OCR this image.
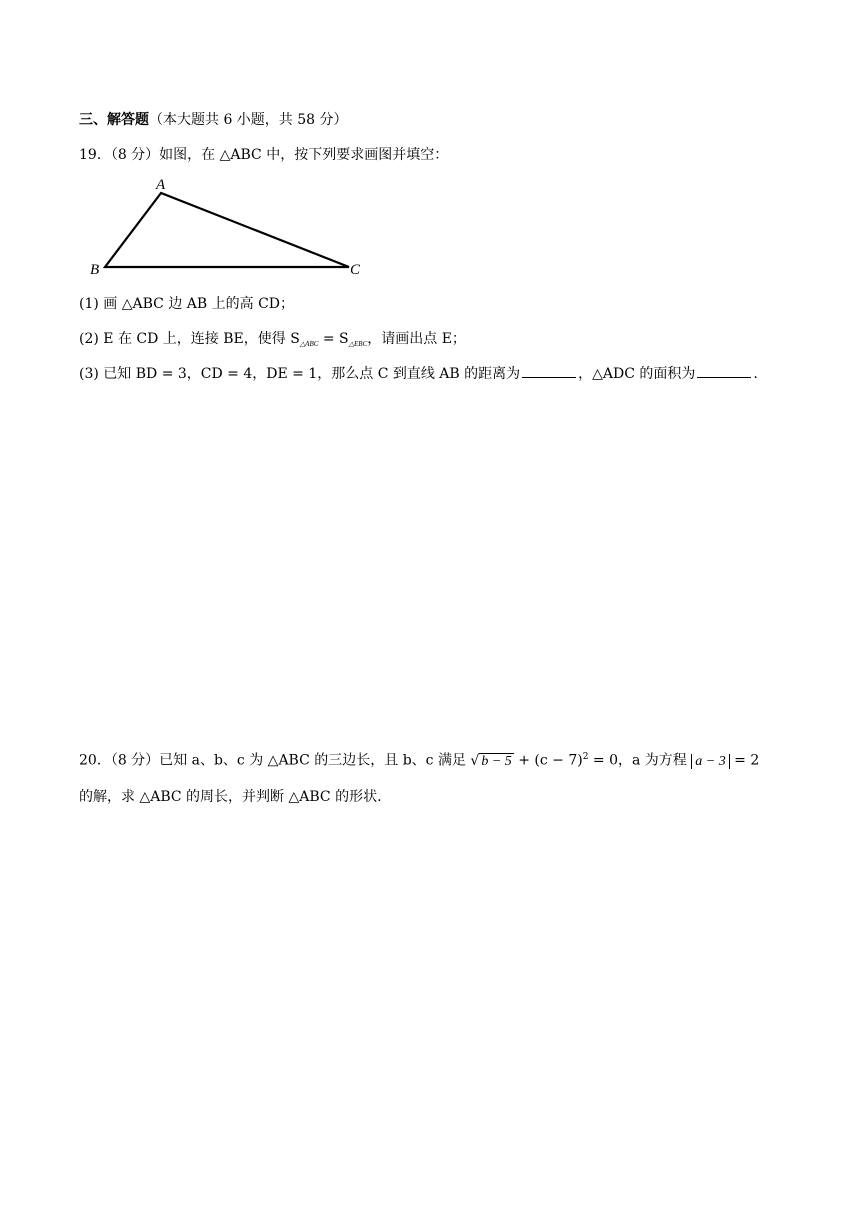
三、解答题（本大题共 6 小题，共 58 分）
19．（8 分）如图，在 △ABC 中，按下列要求画图并填空：
A
B	C
(1) 画 △ABC 边 AB 上的高 CD；
(2) E 在 CD 上，连接 BE，使得 $S_{\triangle ABC} = S_{\triangle EBC}$，请画出点 E；
(3) 已知 BD = 3，CD = 4，DE = 1，那么点 C 到直线 AB 的距离为	，△ADC 的面积为	.
20．（8 分）已知 a、b、c 为 △ABC 的三边长，且 b、c 满足 √ $b - 5 + (c - 7)^2 = 0$，a 为方程 a − 3 = 2
的解，求 △ABC 的周长，并判断 △ABC 的形状.
